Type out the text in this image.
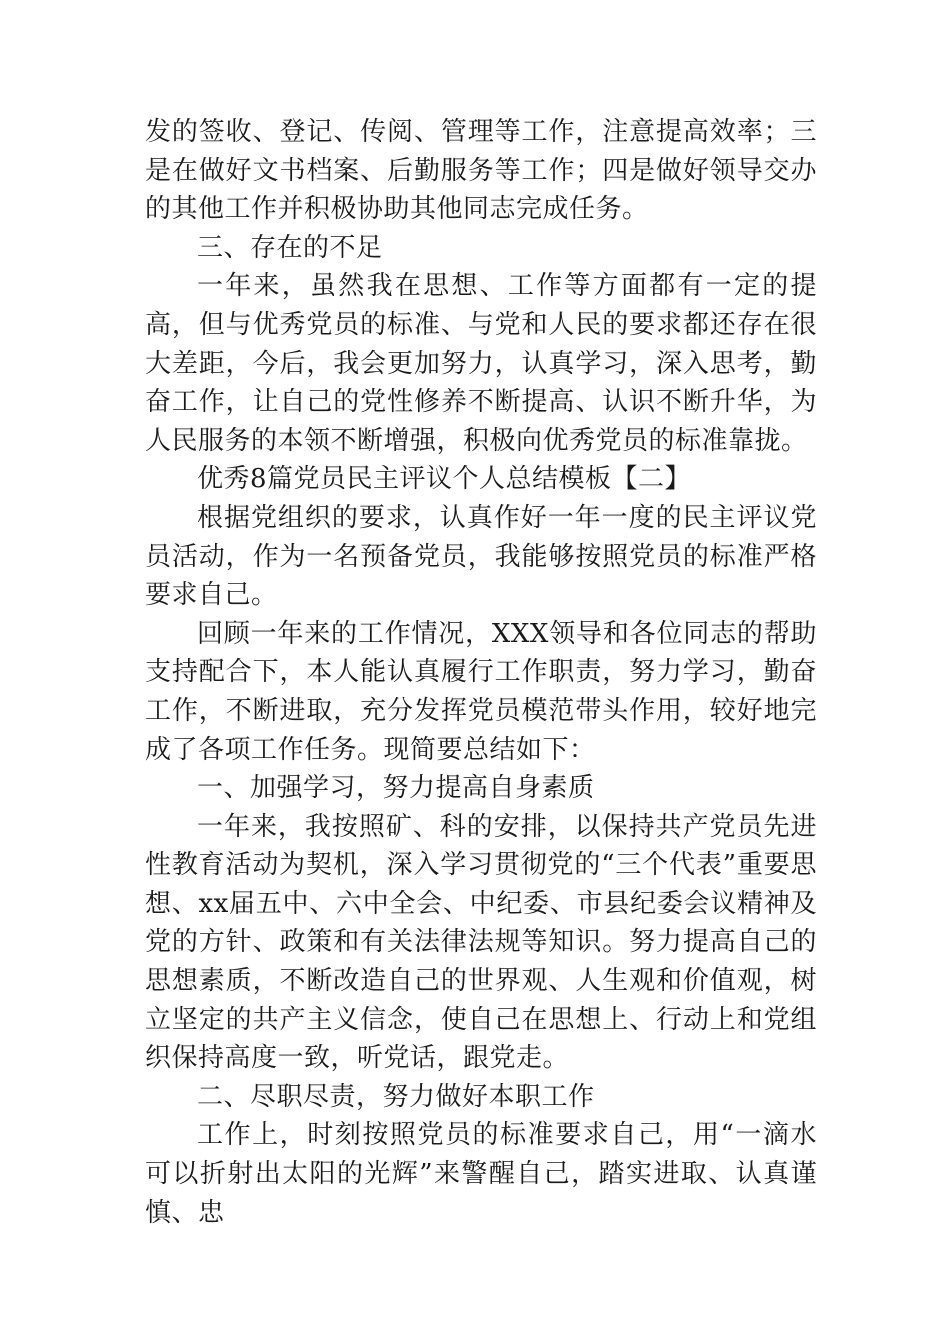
发的签收、登记、传阅、管理等工作，注意提高效率；三是在做好文书档案、后勤服务等工作；四是做好领导交办的其他工作并积极协助其他同志完成任务。

三、存在的不足

一年来，虽然我在思想、工作等方面都有一定的提高，但与优秀党员的标准、与党和人民的要求都还存在很大差距，今后，我会更加努力，认真学习，深入思考，勤奋工作，让自己的党性修养不断提高、认识不断升华，为人民服务的本领不断增强，积极向优秀党员的标准靠拢。

优秀8篇党员民主评议个人总结模板【二】

根据党组织的要求，认真作好一年一度的民主评议党员活动，作为一名预备党员，我能够按照党员的标准严格要求自己。

回顾一年来的工作情况，XXX领导和各位同志的帮助支持配合下，本人能认真履行工作职责，努力学习，勤奋工作，不断进取，充分发挥党员模范带头作用，较好地完成了各项工作任务。现简要总结如下：

一、加强学习，努力提高自身素质

一年来，我按照矿、科的安排，以保持共产党员先进性教育活动为契机，深入学习贯彻党的“三个代表”重要思想、xx届五中、六中全会、中纪委、市县纪委会议精神及党的方针、政策和有关法律法规等知识。努力提高自己的思想素质，不断改造自己的世界观、人生观和价值观，树立坚定的共产主义信念，使自己在思想上、行动上和党组织保持高度一致，听党话，跟党走。

二、尽职尽责，努力做好本职工作

工作上，时刻按照党员的标准要求自己，用“一滴水可以折射出太阳的光辉”来警醒自己，踏实进取、认真谨慎、忠
